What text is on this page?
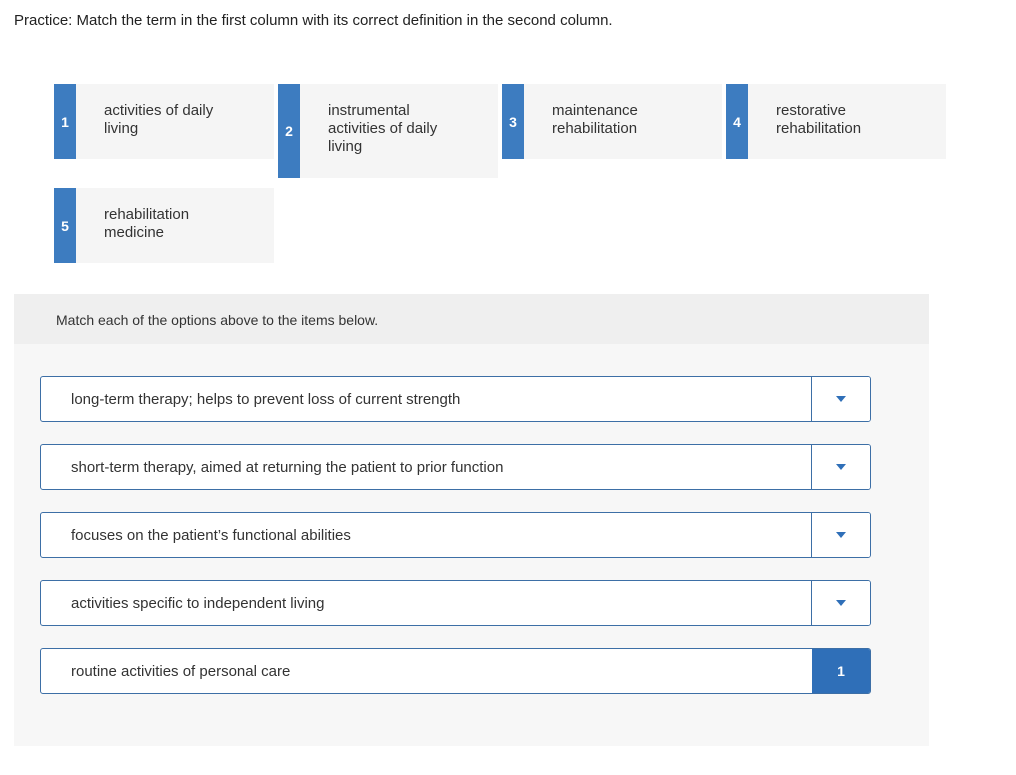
Practice: Match the term in the first column with its correct definition in the second column.
1
activities of daily living	2
instrumental activities of daily living
3
maintenance rehabilitation	4
restorative rehabilitation
5
rehabilitation medicine
Match each of the options above to the items below.
long-term therapy; helps to prevent loss of current strength
short-term therapy, aimed at returning the patient to prior function
focuses on the patient’s functional abilities
activities specific to independent living
routine activities of personal care	1
